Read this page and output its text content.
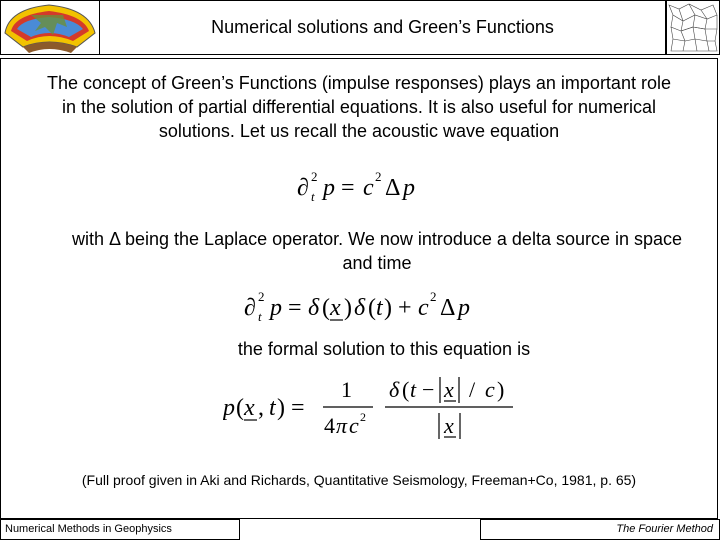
Numerical solutions and Green’s Functions
The concept of Green’s Functions (impulse responses) plays an important role in the solution of partial differential equations. It is also useful for numerical solutions. Let us recall the acoustic wave equation
∂ 2
t p = c 2 Δ p
with Δ being the Laplace operator. We now introduce a delta source in space and time
∂ 2
t p = δ ( x ) δ ( t ) + c 2 Δ p
the formal solution to this equation is
p ( x , t ) =
1
4 π c 2
δ ( t − x / c )
x
(Full proof given in Aki and Richards, Quantitative Seismology, Freeman+Co, 1981, p. 65)
Numerical Methods in Geophysics	The Fourier Method
